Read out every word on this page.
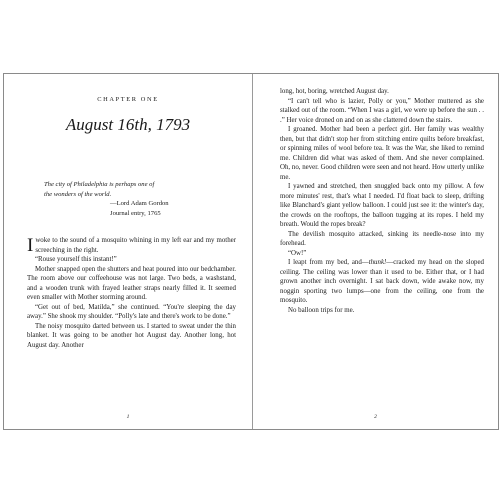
CHAPTER ONE
August 16th, 1793
The city of Philadelphia is perhaps one of
the wonders of the world.
—Lord Adam Gordon
Journal entry, 1765

Iwoke to the sound of a mosquito whining in my left ear and my mother screeching in the right.

“Rouse yourself this instant!”

Mother snapped open the shutters and heat poured into our bedchamber. The room above our coffeehouse was not large. Two beds, a washstand, and a wooden trunk with frayed leather straps nearly filled it. It seemed even smaller with Mother storming around.

“Get out of bed, Matilda,” she continued. “You're sleeping the day away.” She shook my shoulder. “Polly's late and there's work to be done.”

The noisy mosquito darted between us. I started to sweat under the thin blanket. It was going to be another hot August day. Another long, hot August day. Another

1

long, hot, boring, wretched August day.

“I can't tell who is lazier, Polly or you,” Mother muttered as she stalked out of the room. “When I was a girl, we were up before the sun . . .” Her voice droned on and on as she clattered down the stairs.

I groaned. Mother had been a perfect girl. Her family was wealthy then, but that didn't stop her from stitching entire quilts before breakfast, or spinning miles of wool before tea. It was the War, she liked to remind me. Children did what was asked of them. And she never complained. Oh, no, never. Good children were seen and not heard. How utterly unlike me.

I yawned and stretched, then snuggled back onto my pillow. A few more minutes' rest, that's what I needed. I'd float back to sleep, drifting like Blanchard's giant yellow balloon. I could just see it: the winter's day, the crowds on the rooftops, the balloon tugging at its ropes. I held my breath. Would the ropes break?

The devilish mosquito attacked, sinking its needle-nose into my forehead.

“Ow!”

I leapt from my bed, and—thunk!—cracked my head on the sloped ceiling. The ceiling was lower than it used to be. Either that, or I had grown another inch overnight. I sat back down, wide awake now, my noggin sporting two lumps—one from the ceiling, one from the mosquito.

No balloon trips for me.

2
